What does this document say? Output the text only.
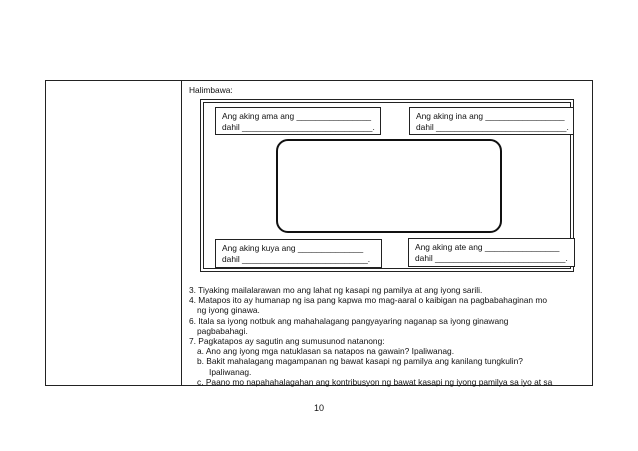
Halimbawa:
Ang aking ama ang ________________
dahil ____________________________.
Ang aking ina ang _________________
dahil ____________________________.
Ang aking kuya ang ______________
dahil ___________________________.
Ang aking ate ang ________________
dahil ____________________________.
3. Tiyaking mailalarawan mo ang lahat ng kasapi ng pamilya at ang iyong sarili.
4. Matapos ito ay humanap ng isa pang kapwa mo mag-aaral o kaibigan na pagbabahaginan mo
ng iyong ginawa.
6. Itala sa iyong notbuk ang mahahalagang pangyayaring naganap sa iyong ginawang
pagbabahagi.
7. Pagkatapos ay sagutin ang sumusunod natanong:
a. Ano ang iyong mga natuklasan sa natapos na gawain? Ipaliwanag.
b. Bakit mahalagang magampanan ng bawat kasapi ng pamilya ang kanilang tungkulin?
Ipaliwanag.
c. Paano mo napahahalagahan ang kontribusyon ng bawat kasapi ng iyong pamilya sa iyo at sa
10
